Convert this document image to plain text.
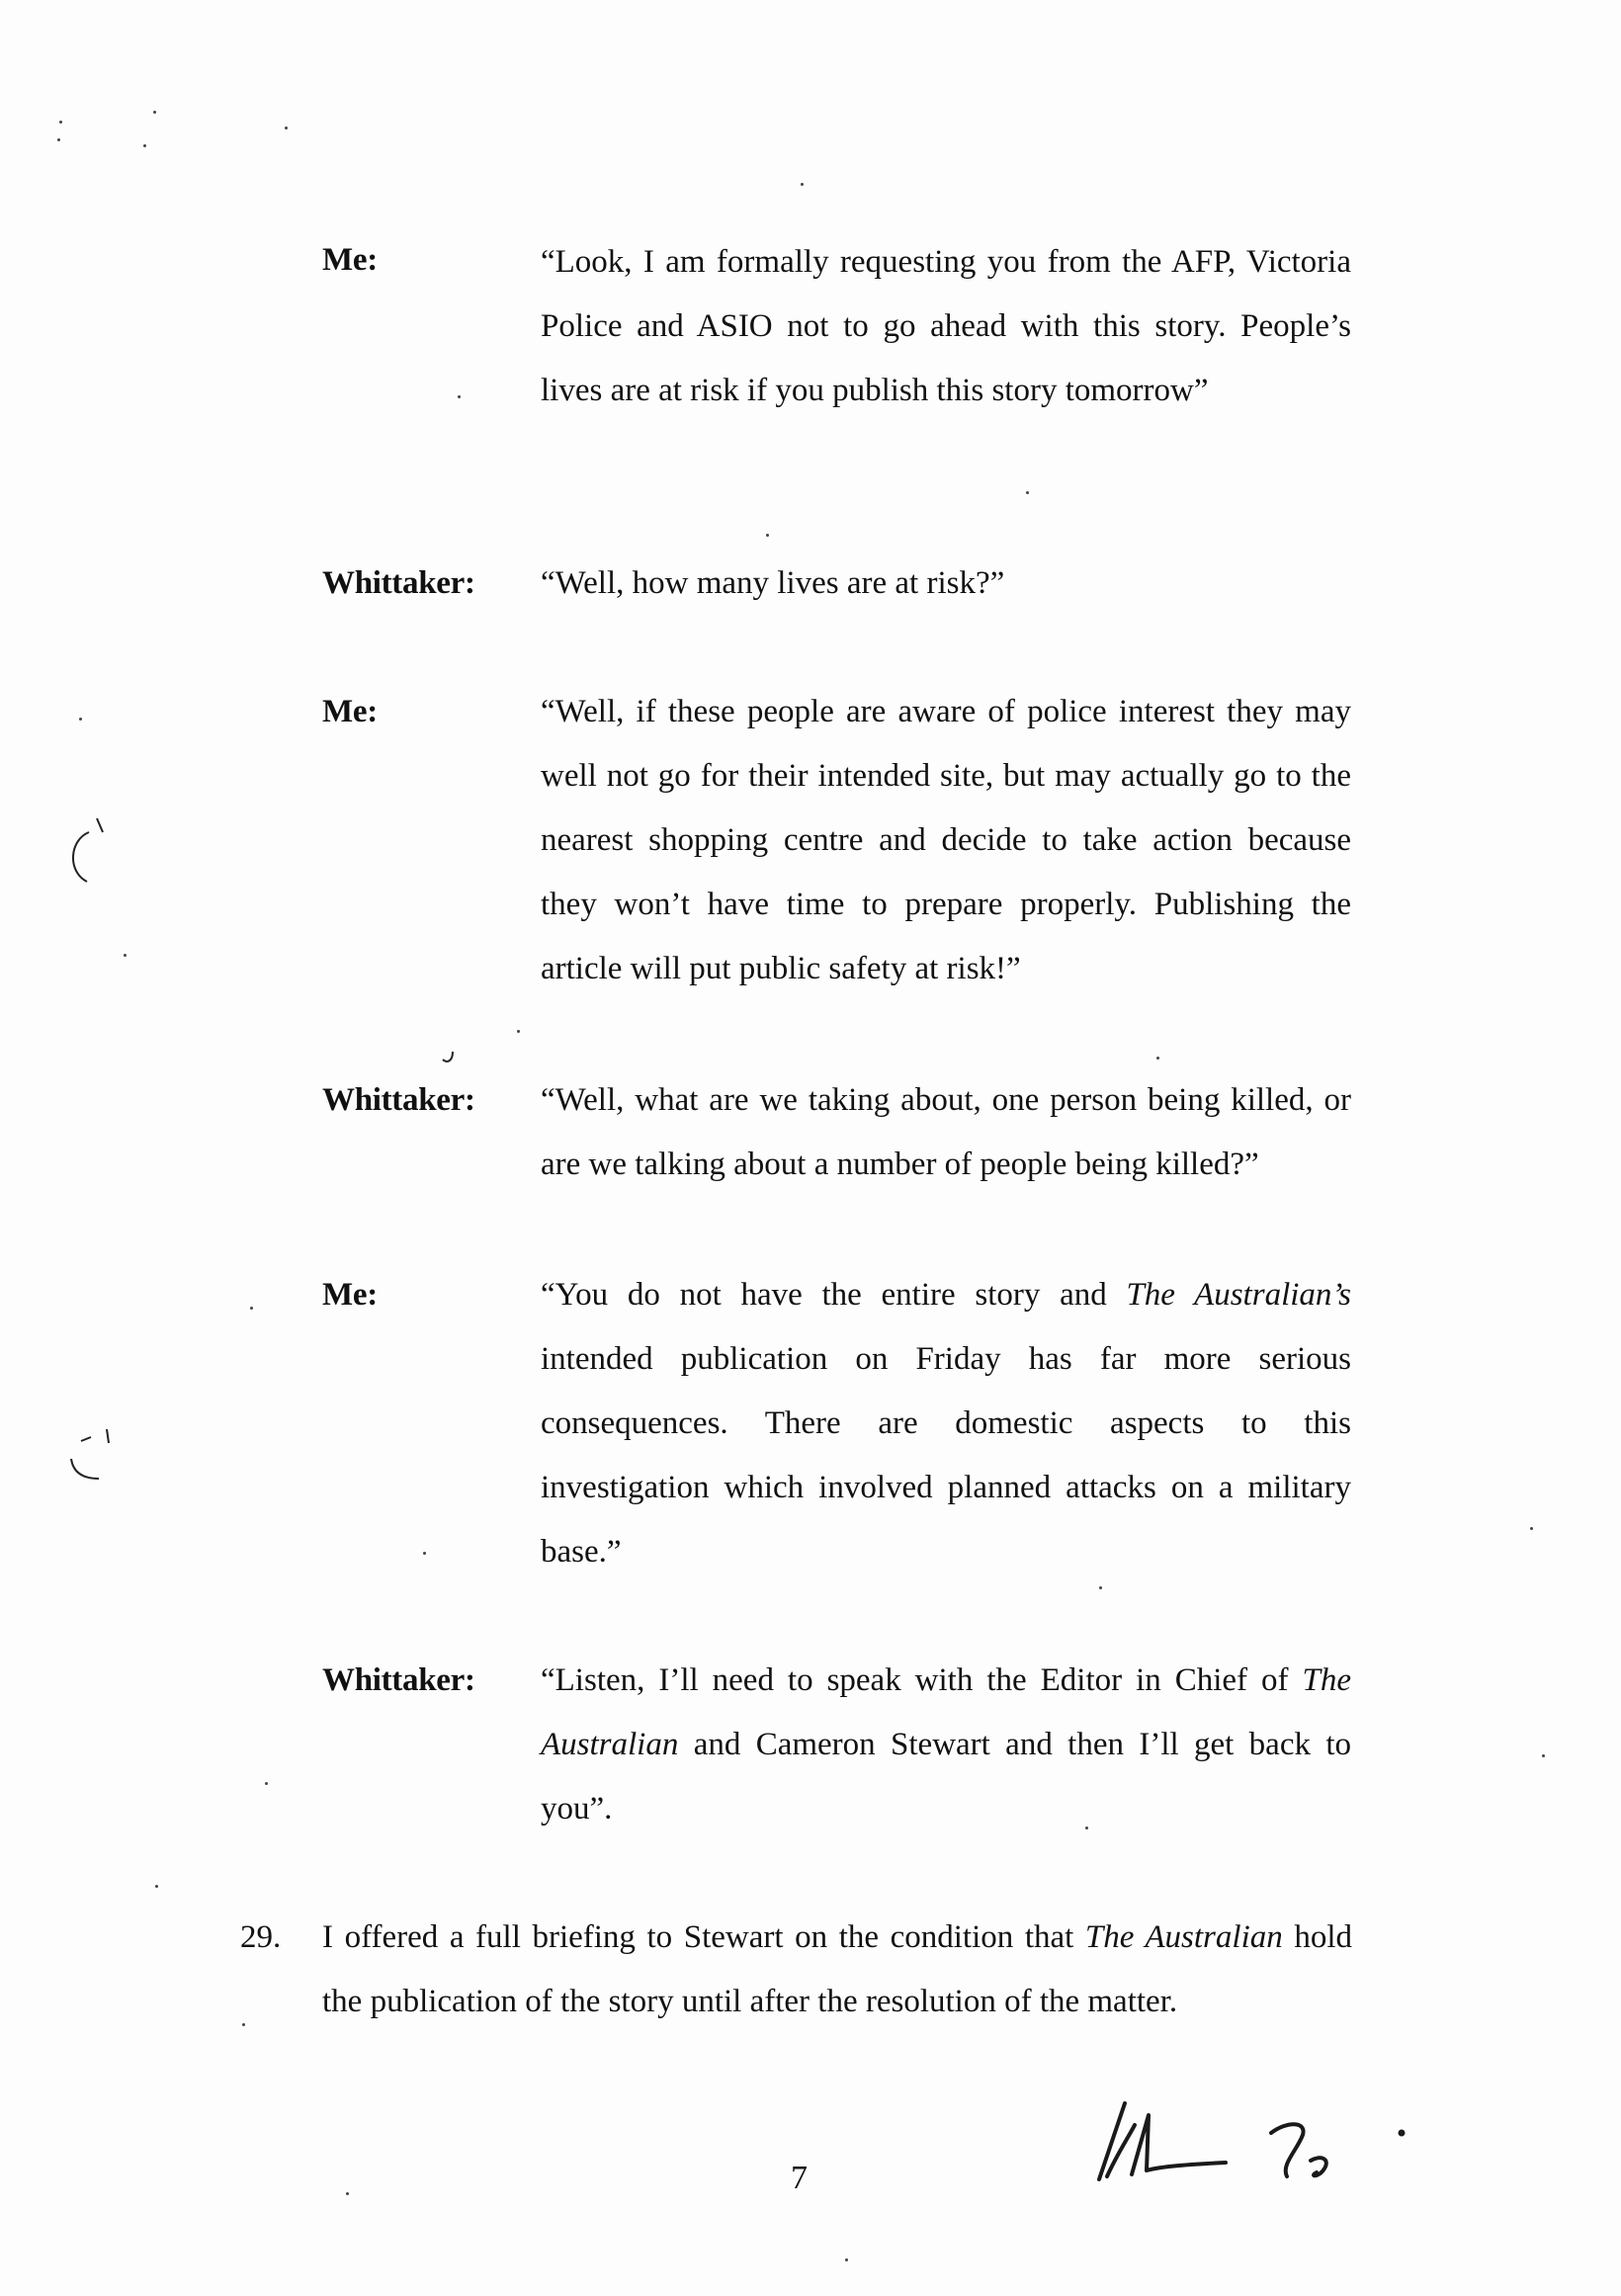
Me:	“Look, I am formally requesting you from the AFP, Victoria Police and ASIO not to go ahead with this story. People’s lives are at risk if you publish this story tomorrow”

Whittaker: “Well, how many lives are at risk?”

Me:	“Well, if these people are aware of police interest they may well not go for their intended site, but may actually go to the nearest shopping centre and decide to take action because they won’t have time to prepare properly. Publishing the article will put public safety at risk!”

Whittaker: “Well, what are we taking about, one person being killed, or are we talking about a number of people being killed?”

Me:	“You do not have the entire story and The Australian’s intended publication on Friday has far more serious consequences. There are domestic aspects to this investigation which involved planned attacks on a military base.”

Whittaker: “Listen, I’ll need to speak with the Editor in Chief of The Australian and Cameron Stewart and then I’ll get back to you”.

29. I offered a full briefing to Stewart on the condition that The Australian hold the publication of the story until after the resolution of the matter.
7
